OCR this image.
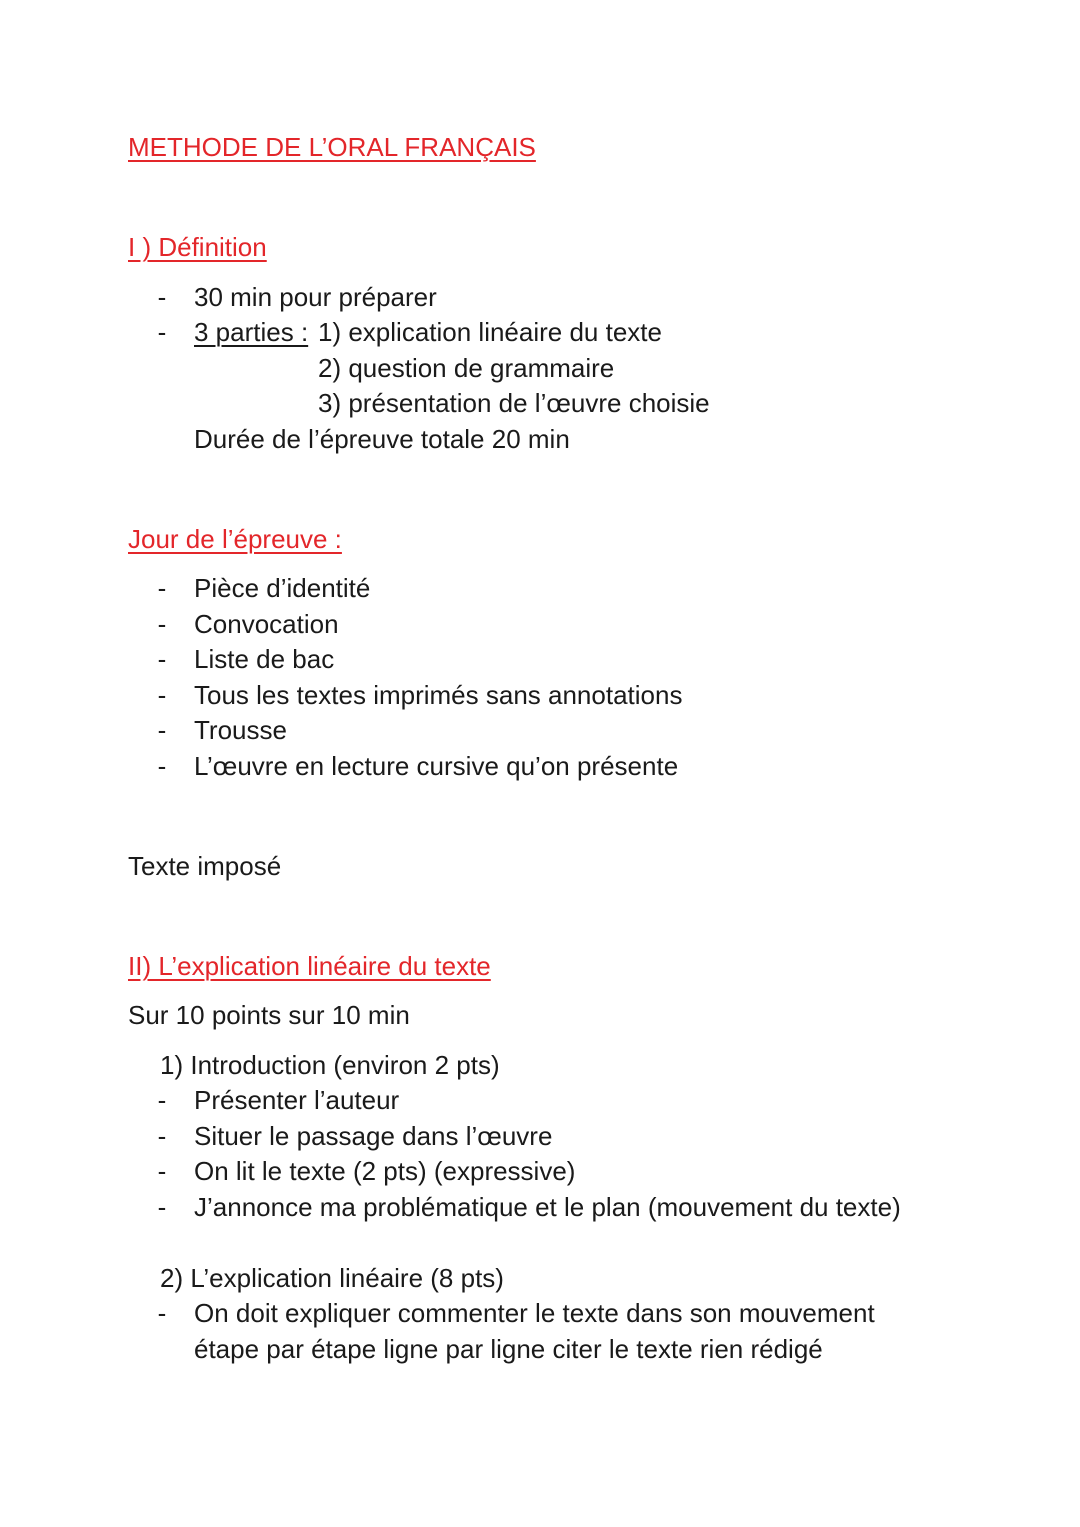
METHODE DE L’ORAL FRANÇAIS
I ) Définition
- 30 min pour préparer
- 3 parties : 1) explication linéaire du texte
2) question de grammaire
3) présentation de l’œuvre choisie
Durée de l’épreuve totale 20 min
Jour de l’épreuve :
- Pièce d’identité
- Convocation
- Liste de bac
- Tous les textes imprimés sans annotations
- Trousse
- L’œuvre en lecture cursive qu’on présente
Texte imposé
II) L’explication linéaire du texte
Sur 10 points sur 10 min
1) Introduction (environ 2 pts)
- Présenter l’auteur
- Situer le passage dans l’œuvre
- On lit le texte (2 pts) (expressive)
- J’annonce ma problématique et le plan (mouvement du texte)
2) L’explication linéaire (8 pts)
- On doit expliquer commenter le texte dans son mouvement
étape par étape ligne par ligne citer le texte rien rédigé
